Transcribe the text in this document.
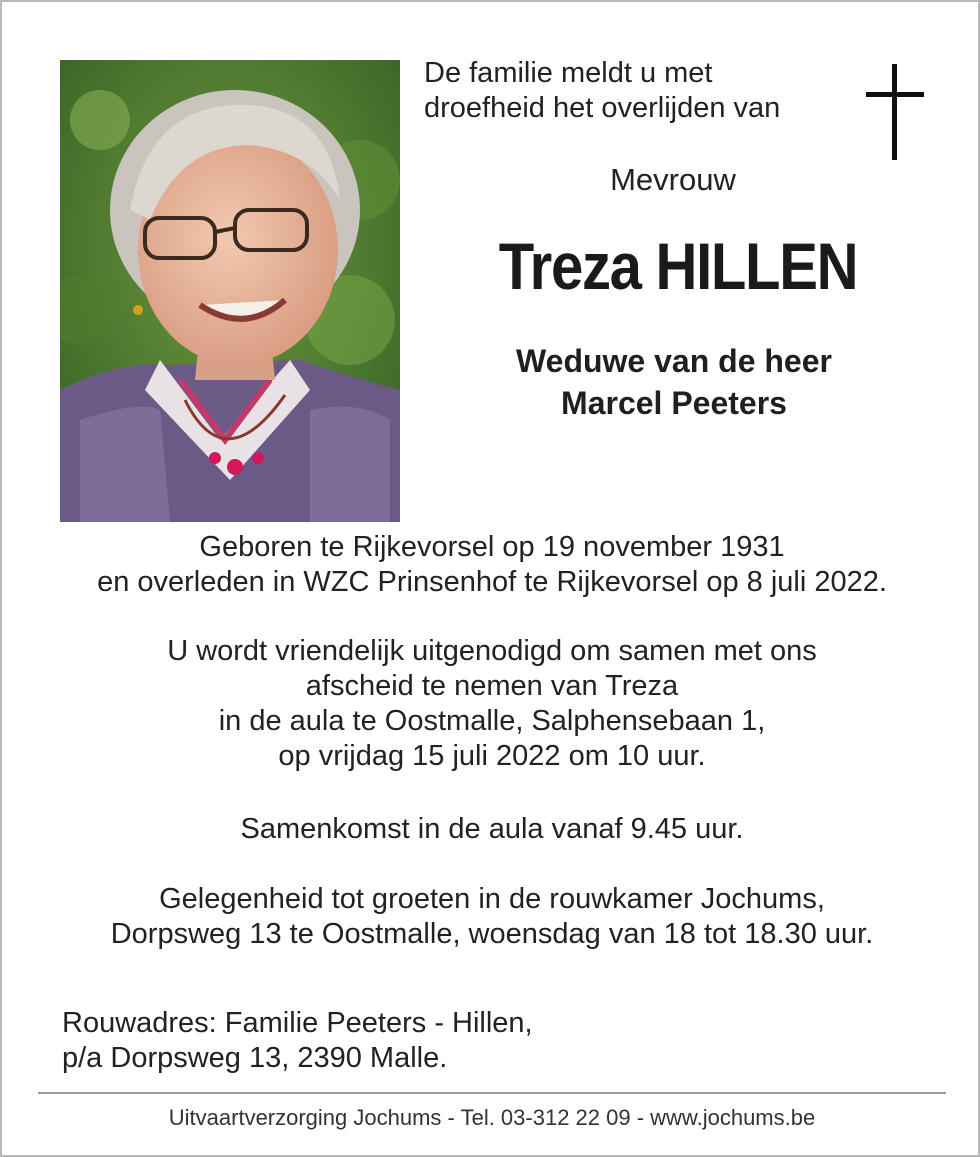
De familie meldt u met
droefheid het overlijden van
Mevrouw
Treza HILLEN
Weduwe van de heer
Marcel Peeters
Geboren te Rijkevorsel op 19 november 1931
en overleden in WZC Prinsenhof te Rijkevorsel op 8 juli 2022.
U wordt vriendelijk uitgenodigd om samen met ons
afscheid te nemen van Treza
in de aula te Oostmalle, Salphensebaan 1,
op vrijdag 15 juli 2022 om 10 uur.
Samenkomst in de aula vanaf 9.45 uur.
Gelegenheid tot groeten in de rouwkamer Jochums,
Dorpsweg 13 te Oostmalle, woensdag van 18 tot 18.30 uur.
Rouwadres: Familie Peeters - Hillen,
p/a Dorpsweg 13, 2390 Malle.
Uitvaartverzorging Jochums - Tel. 03-312 22 09 - www.jochums.be
